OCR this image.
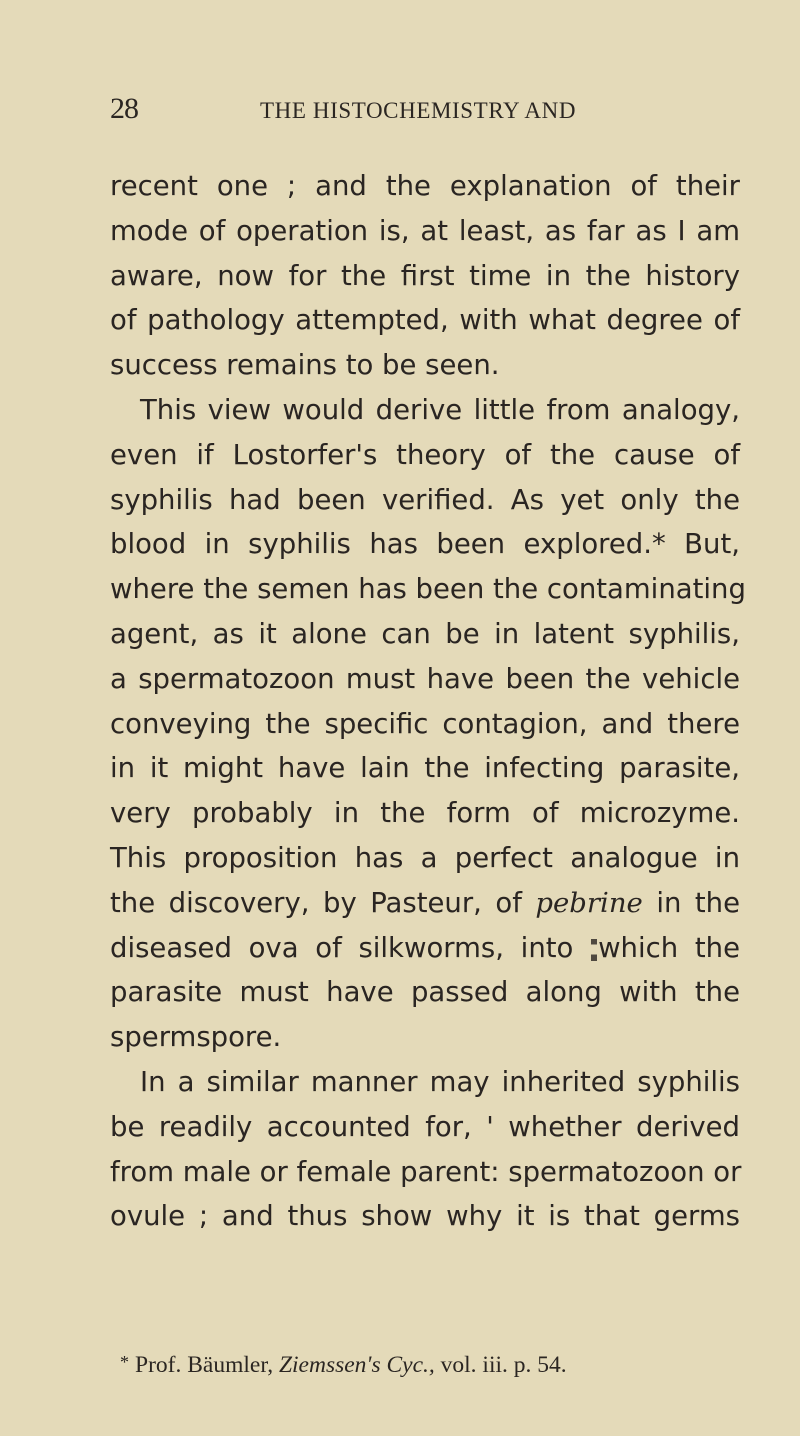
28	THE HISTOCHEMISTRY AND
recent one ; and the explanation of their
mode of operation is, at least, as far as I am
aware, now for the first time in the history
of pathology attempted, with what degree of
success remains to be seen.
This view would derive little from analogy,
even if Lostorfer's theory of the cause of
syphilis had been verified. As yet only the
blood in syphilis has been explored.* But,
where the semen has been the contaminating
agent, as it alone can be in latent syphilis,
a spermatozoon must have been the vehicle
conveying the specific contagion, and there
in it might have lain the infecting parasite,
very probably in the form of microzyme.
This proposition has a perfect analogue in
the discovery, by Pasteur, of pebrine in the
diseased ova of silkworms, into which the
parasite must have passed along with the
spermspore.
In a similar manner may inherited syphilis
be readily accounted for, ' whether derived
from male or female parent: spermatozoon or
ovule ; and thus show why it is that germs
* Prof. Bäumler, Ziemssen's Cyc., vol. iii. p. 54.
